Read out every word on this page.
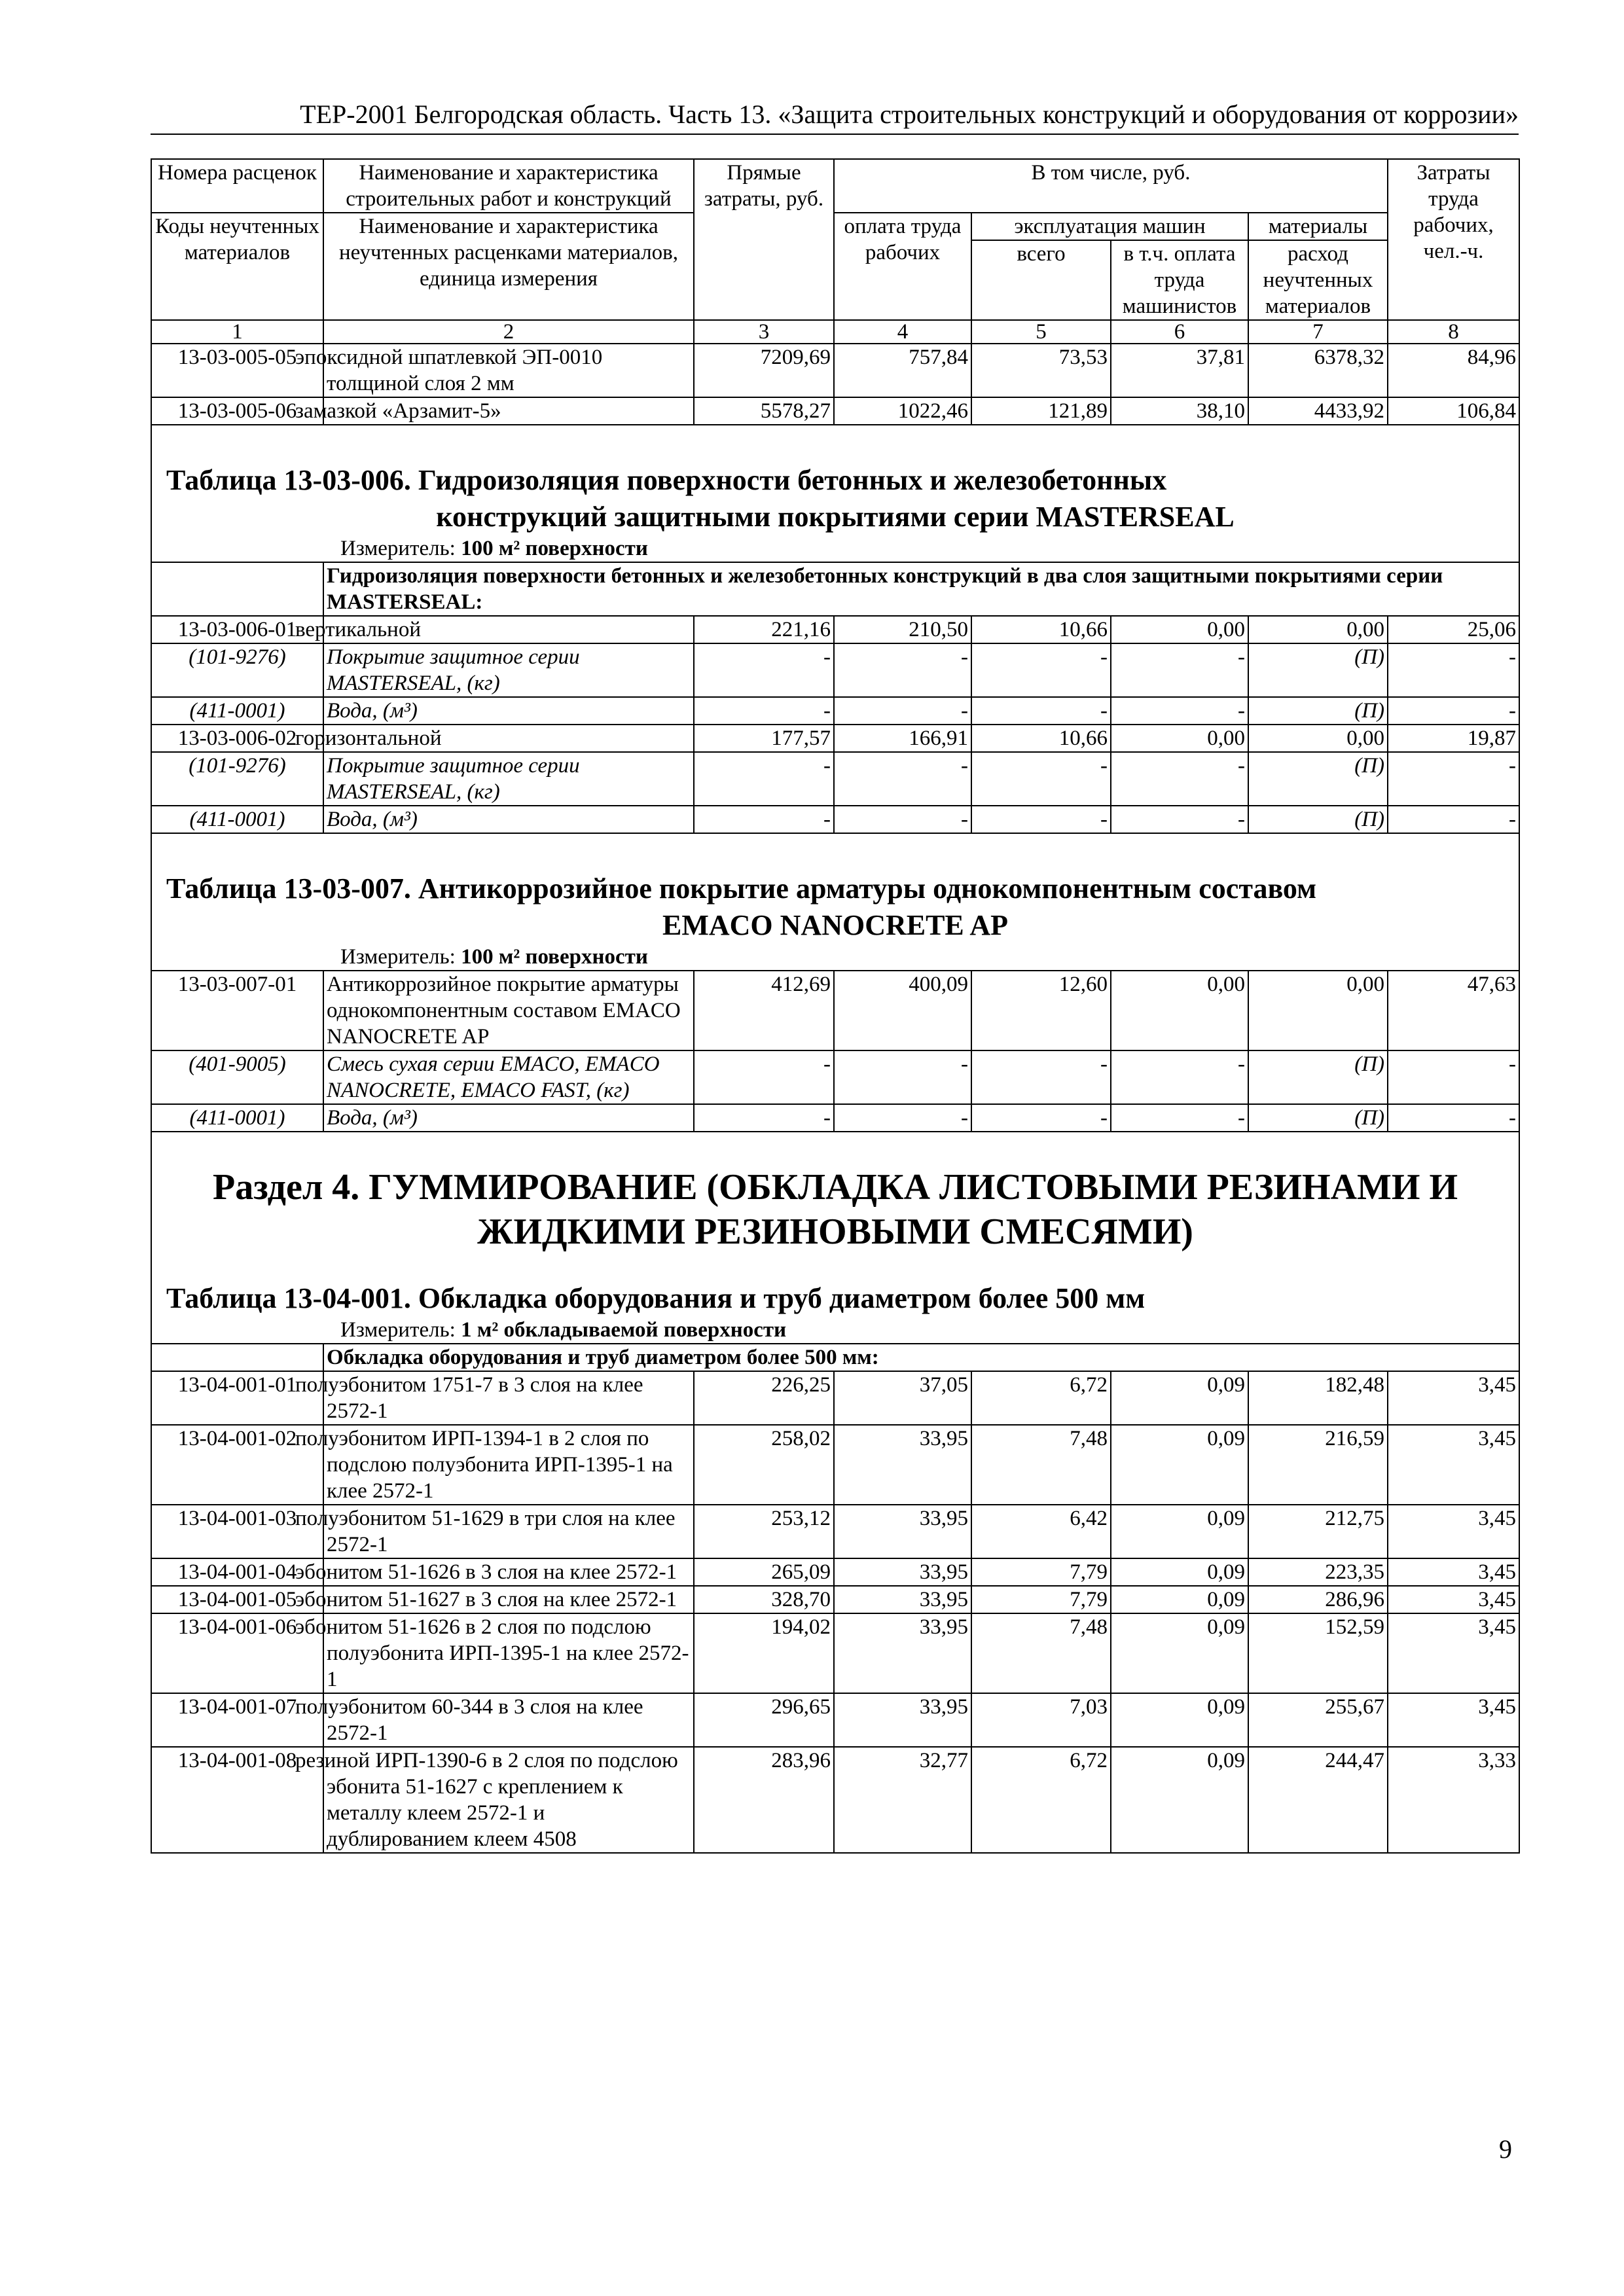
ТЕР-2001 Белгородская область. Часть 13. «Защита строительных конструкций и оборудования от коррозии»
Номера расценок	Наименование и характеристика строительных работ и конструкций	Прямые затраты, руб.	В том числе, руб.				Затраты труда рабочих, чел.-ч.
Коды неучтенных материалов	Наименование и характеристика неучтенных расценками материалов, единица измерения		оплата труда рабочих	эксплуатация машин		материалы	
				всего	в т.ч. оплата труда машинистов	расход неучтенных материалов	
1	2	3	4	5	6	7	8
13-03-005-05	эпоксидной шпатлевкой ЭП-0010 толщиной слоя 2 мм	7209,69	757,84	73,53	37,81	6378,32	84,96
13-03-005-06	замазкой «Арзамит-5»	5578,27	1022,46	121,89	38,10	4433,92	106,84

Таблица 13-03-006. Гидроизоляция поверхности бетонных и железобетонных
конструкций защитными покрытиями серии MASTERSEAL
Измеритель: 100 м² поверхности							

	Гидроизоляция поверхности бетонных и железобетонных конструкций в два слоя защитными покрытиями серии MASTERSEAL:						
13-03-006-01	вертикальной	221,16	210,50	10,66	0,00	0,00	25,06
(101-9276)	Покрытие защитное серии MASTERSEAL, (кг)	-	-	-	-	(П)	-
(411-0001)	Вода, (м³)	-	-	-	-	(П)	-
13-03-006-02	горизонтальной	177,57	166,91	10,66	0,00	0,00	19,87
(101-9276)	Покрытие защитное серии MASTERSEAL, (кг)	-	-	-	-	(П)	-
(411-0001)	Вода, (м³)	-	-	-	-	(П)	-

Таблица 13-03-007. Антикоррозийное покрытие арматуры однокомпонентным составом
EMACO NANOCRETE AP
Измеритель: 100 м² поверхности							

13-03-007-01	Антикоррозийное покрытие арматуры однокомпонентным составом EMACO NANOCRETE AP	412,69	400,09	12,60	0,00	0,00	47,63
(401-9005)	Смесь сухая серии EMACO, EMACO NANOCRETE, EMACO FAST, (кг)	-	-	-	-	(П)	-
(411-0001)	Вода, (м³)	-	-	-	-	(П)	-

Раздел 4. ГУММИРОВАНИЕ (ОБКЛАДКА ЛИСТОВЫМИ РЕЗИНАМИ И
ЖИДКИМИ РЕЗИНОВЫМИ СМЕСЯМИ)
Таблица 13-04-001. Обкладка оборудования и труб диаметром более 500 мм
Измеритель: 1 м² обкладываемой поверхности							

	Обкладка оборудования и труб диаметром более 500 мм:						
13-04-001-01	полуэбонитом 1751-7 в 3 слоя на клее 2572-1	226,25	37,05	6,72	0,09	182,48	3,45
13-04-001-02	полуэбонитом ИРП-1394-1 в 2 слоя по подслою полуэбонита ИРП-1395-1 на клее 2572-1	258,02	33,95	7,48	0,09	216,59	3,45
13-04-001-03	полуэбонитом 51-1629 в три слоя на клее 2572-1	253,12	33,95	6,42	0,09	212,75	3,45
13-04-001-04	эбонитом 51-1626 в 3 слоя на клее 2572-1	265,09	33,95	7,79	0,09	223,35	3,45
13-04-001-05	эбонитом 51-1627 в 3 слоя на клее 2572-1	328,70	33,95	7,79	0,09	286,96	3,45
13-04-001-06	эбонитом 51-1626 в 2 слоя по подслою полуэбонита ИРП-1395-1 на клее 2572-1	194,02	33,95	7,48	0,09	152,59	3,45
13-04-001-07	полуэбонитом 60-344 в 3 слоя на клее 2572-1	296,65	33,95	7,03	0,09	255,67	3,45
13-04-001-08	резиной ИРП-1390-6 в 2 слоя по подслою эбонита 51-1627 с креплением к металлу клеем 2572-1 и дублированием клеем 4508	283,96	32,77	6,72	0,09	244,47	3,33
9
